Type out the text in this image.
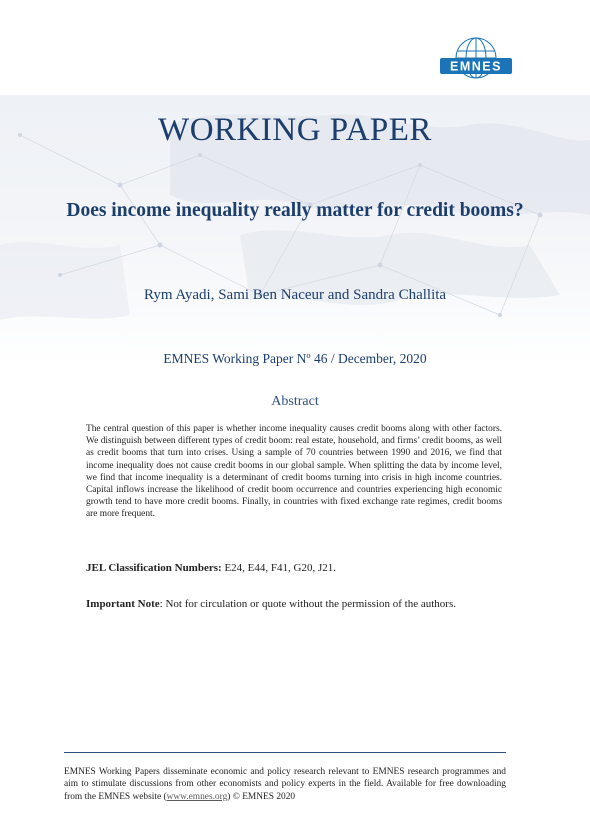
EMNES
WORKING PAPER
Does income inequality really matter for credit booms?
Rym Ayadi, Sami Ben Naceur and Sandra Challita
EMNES Working Paper Nº 46 / December, 2020
Abstract
The central question of this paper is whether income inequality causes credit booms along with other factors. We distinguish between different types of credit boom: real estate, household, and firms’ credit booms, as well as credit booms that turn into crises. Using a sample of 70 countries between 1990 and 2016, we find that income inequality does not cause credit booms in our global sample. When splitting the data by income level, we find that income inequality is a determinant of credit booms turning into crisis in high income countries. Capital inflows increase the likelihood of credit boom occurrence and countries experiencing high economic growth tend to have more credit booms. Finally, in countries with fixed exchange rate regimes, credit booms are more frequent.
JEL Classification Numbers: E24, E44, F41, G20, J21.
Important Note: Not for circulation or quote without the permission of the authors.
EMNES Working Papers disseminate economic and policy research relevant to EMNES research programmes and aim to stimulate discussions from other economists and policy experts in the field. Available for free downloading from the EMNES website (www.emnes.org) © EMNES 2020
